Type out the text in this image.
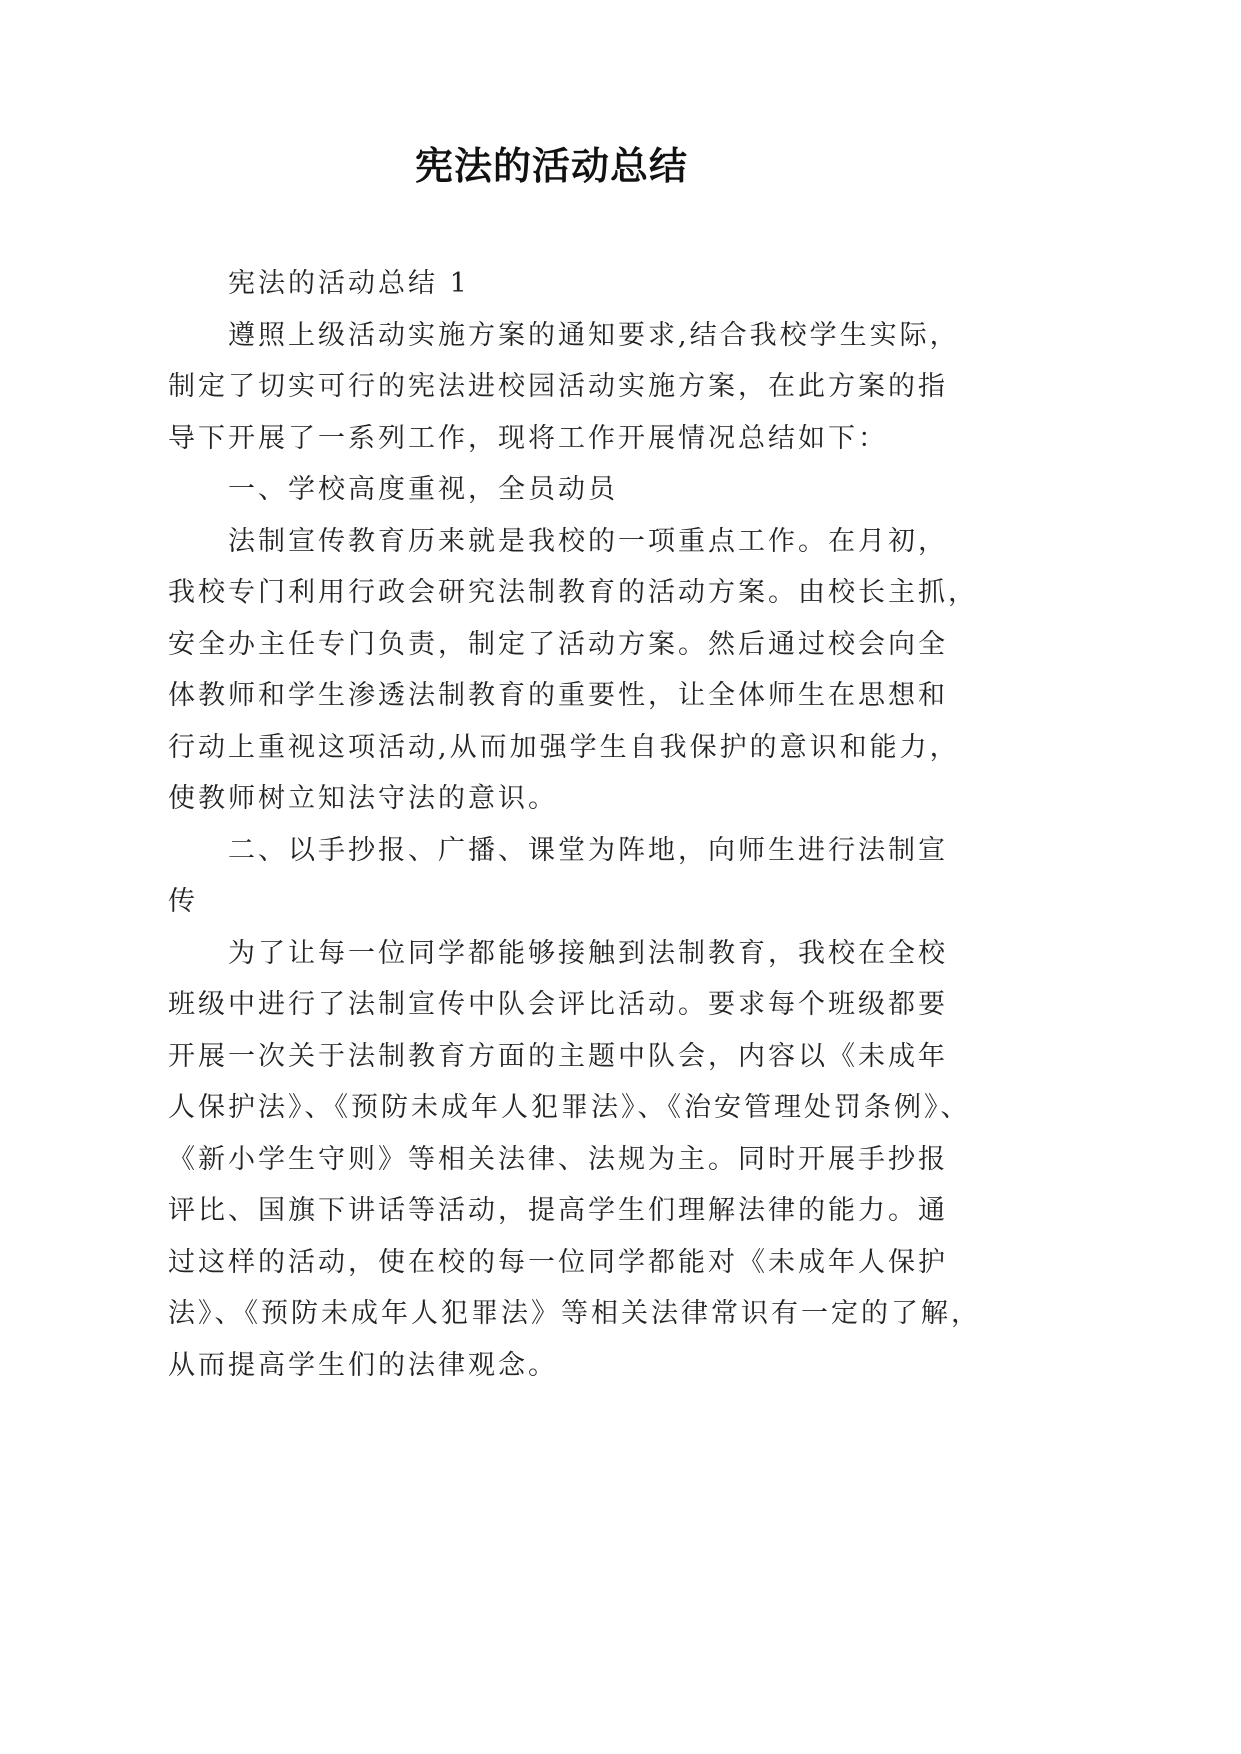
宪法的活动总结
宪法的活动总结 1
遵照上级活动实施方案的通知要求,结合我校学生实际，
制定了切实可行的宪法进校园活动实施方案，在此方案的指
导下开展了一系列工作，现将工作开展情况总结如下：
一、学校高度重视，全员动员
法制宣传教育历来就是我校的一项重点工作。在月初，
我校专门利用行政会研究法制教育的活动方案。由校长主抓，
安全办主任专门负责，制定了活动方案。然后通过校会向全
体教师和学生渗透法制教育的重要性，让全体师生在思想和
行动上重视这项活动,从而加强学生自我保护的意识和能力，
使教师树立知法守法的意识。
二、以手抄报、广播、课堂为阵地，向师生进行法制宣
传
为了让每一位同学都能够接触到法制教育，我校在全校
班级中进行了法制宣传中队会评比活动。要求每个班级都要
开展一次关于法制教育方面的主题中队会，内容以《未成年
人保护法》、《预防未成年人犯罪法》、《治安管理处罚条例》、
《新小学生守则》等相关法律、法规为主。同时开展手抄报
评比、国旗下讲话等活动，提高学生们理解法律的能力。通
过这样的活动，使在校的每一位同学都能对《未成年人保护
法》、《预防未成年人犯罪法》等相关法律常识有一定的了解，
从而提高学生们的法律观念。
